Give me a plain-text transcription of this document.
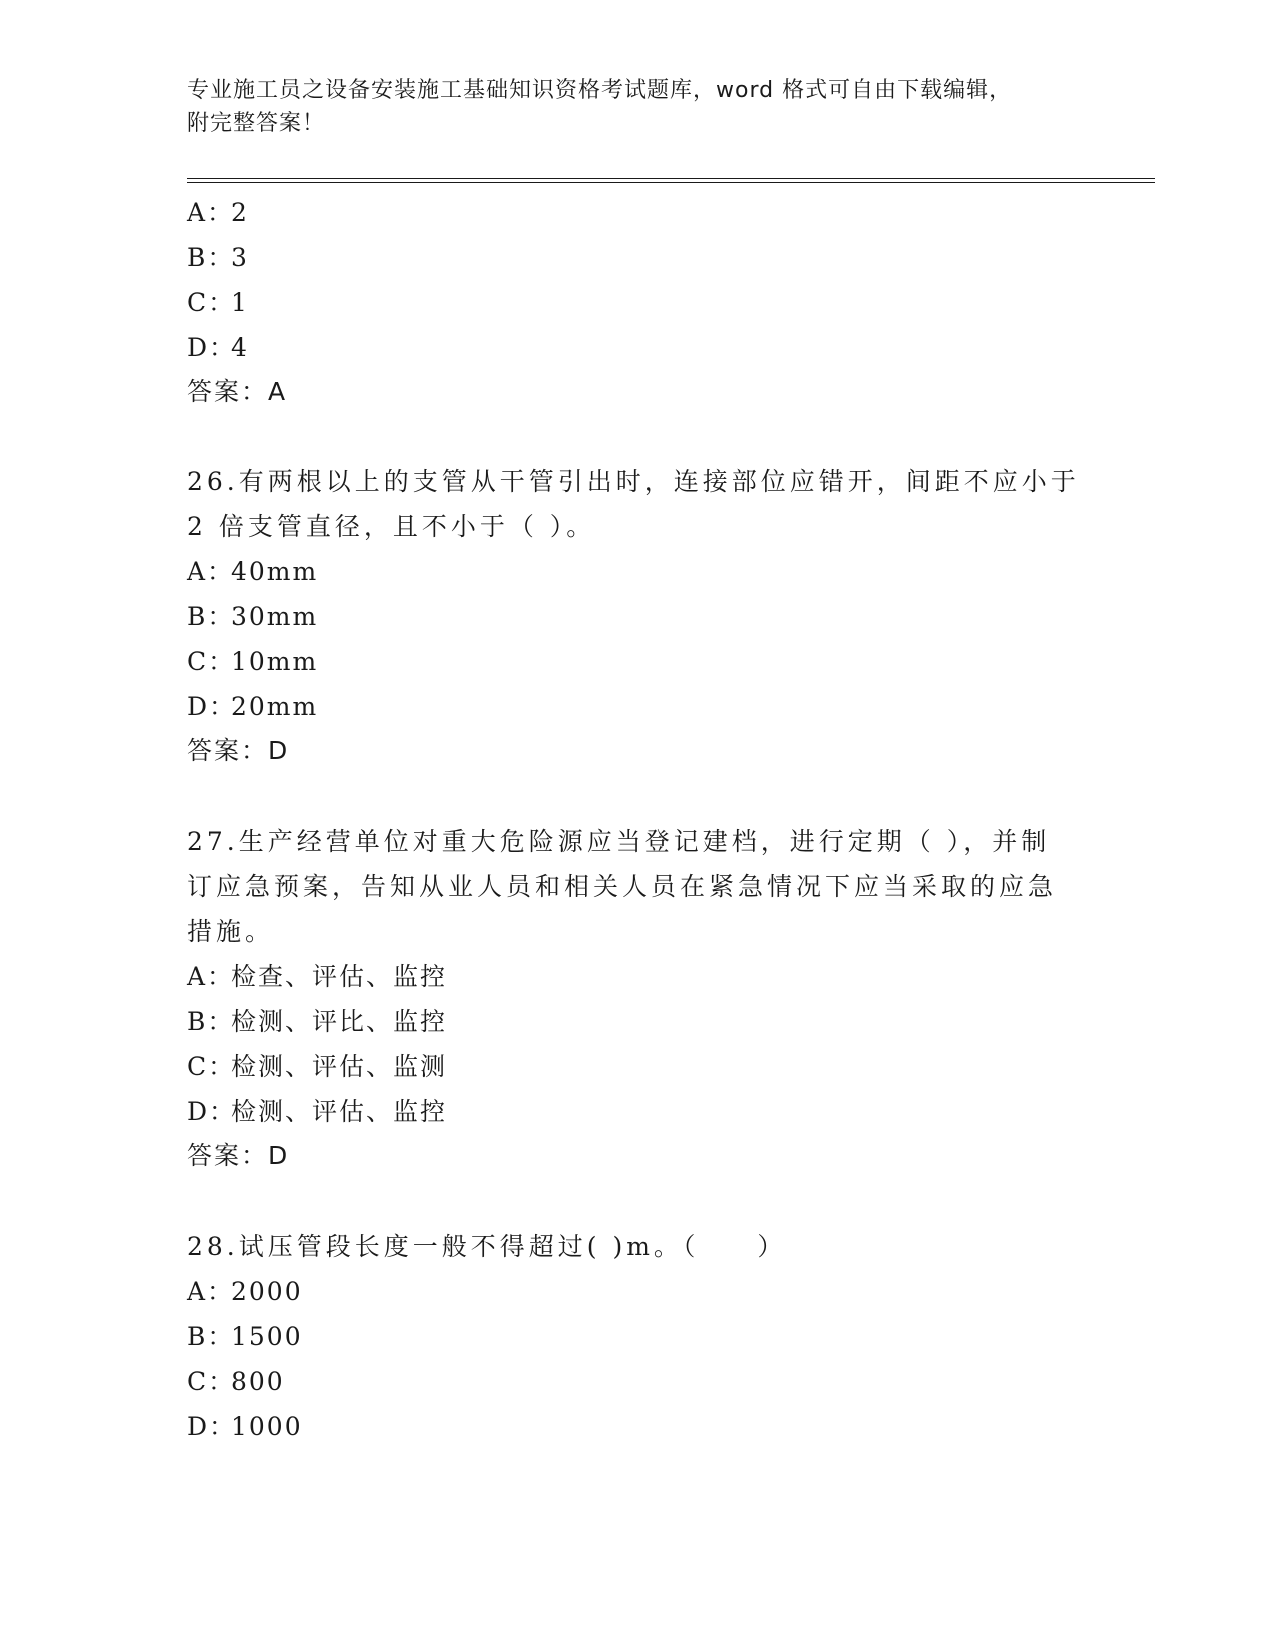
专业施工员之设备安装施工基础知识资格考试题库，word 格式可自由下载编辑，
附完整答案！
A：2
B：3
C：1
D：4
答案：A
26.有两根以上的支管从干管引出时，连接部位应错开，间距不应小于
2 倍支管直径，且不小于（ ）。
A：40mm
B：30mm
C：10mm
D：20mm
答案：D
27.生产经营单位对重大危险源应当登记建档，进行定期（ ），并制
订应急预案，告知从业人员和相关人员在紧急情况下应当采取的应急
措施。
A：检查、评估、监控
B：检测、评比、监控
C：检测、评估、监测
D：检测、评估、监控
答案：D
28.试压管段长度一般不得超过( )m。（　　）
A：2000
B：1500
C：800
D：1000
